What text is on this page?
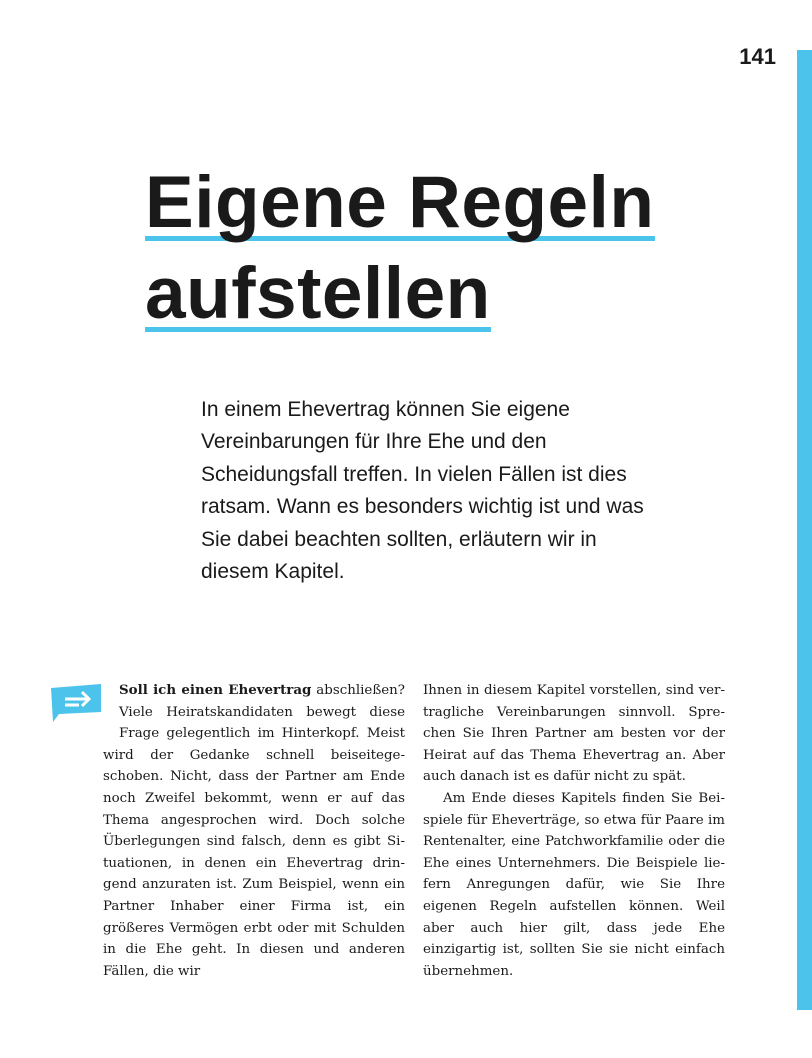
141
Eigene Regeln
aufstellen

In einem Ehevertrag können Sie eigene Vereinbarungen für Ihre Ehe und den Scheidungsfall treffen. In vielen Fällen ist dies ratsam. Wann es besonders wichtig ist und was Sie dabei beachten sollten, erläutern wir in diesem Kapitel.

Soll ich einen Ehevertrag abschließen? Viele Heiratskandidaten bewegt diese Frage gelegentlich im Hinterkopf. Meist wird der Gedanke schnell beiseitegeschoben. Nicht, dass der Partner am Ende noch Zweifel bekommt, wenn er auf das Thema angesprochen wird. Doch solche Überlegungen sind falsch, denn es gibt Situationen, in denen ein Ehevertrag dringend anzuraten ist. Zum Beispiel, wenn ein Partner Inhaber einer Firma ist, ein größeres Vermögen erbt oder mit Schulden in die Ehe geht. In diesen und anderen Fällen, die wir

Ihnen in diesem Kapitel vorstellen, sind vertragliche Vereinbarungen sinnvoll. Sprechen Sie Ihren Partner am besten vor der Heirat auf das Thema Ehevertrag an. Aber auch danach ist es dafür nicht zu spät.

Am Ende dieses Kapitels finden Sie Beispiele für Eheverträge, so etwa für Paare im Rentenalter, eine Patchworkfamilie oder die Ehe eines Unternehmers. Die Beispiele liefern Anregungen dafür, wie Sie Ihre eigenen Regeln aufstellen können. Weil aber auch hier gilt, dass jede Ehe einzigartig ist, sollten Sie sie nicht einfach übernehmen.
